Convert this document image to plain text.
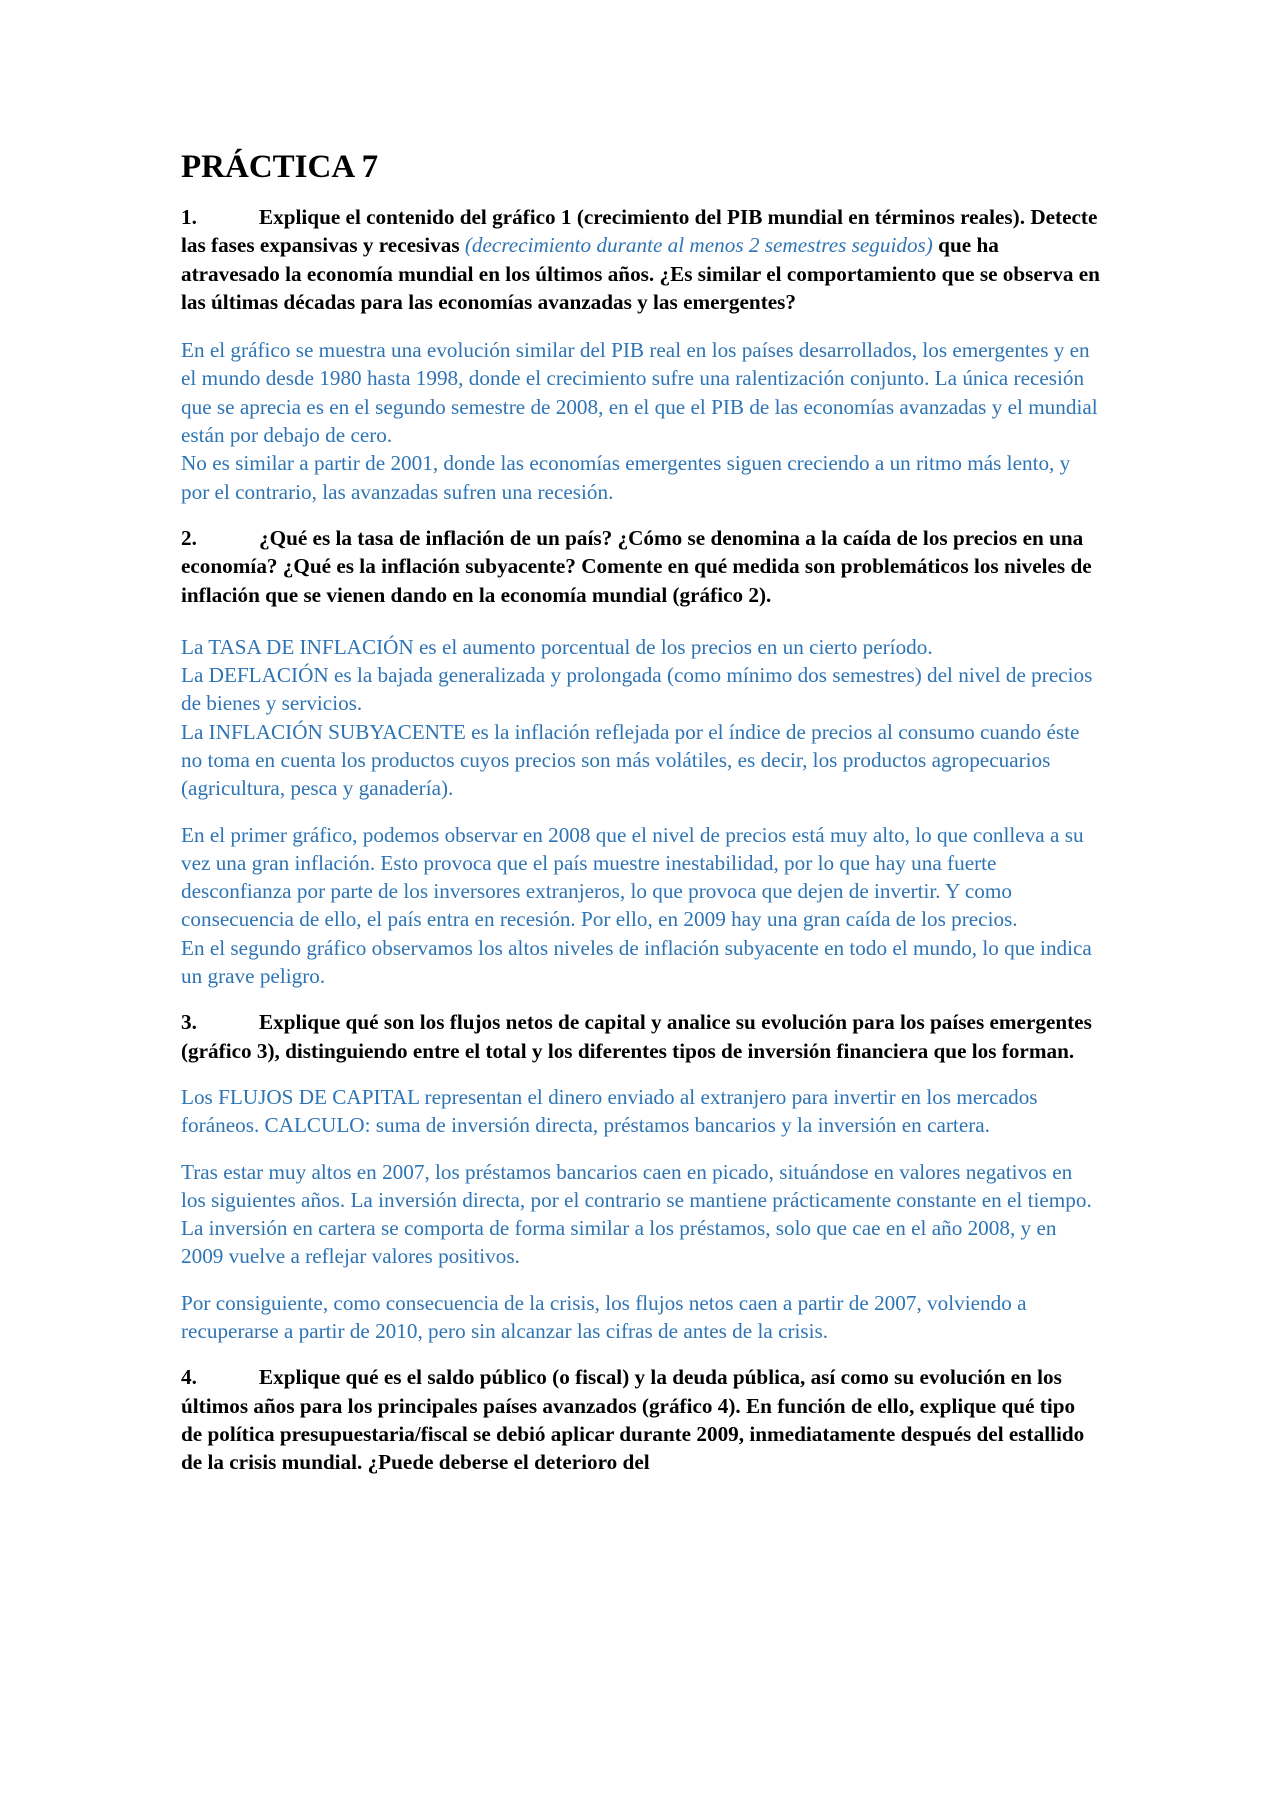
PRÁCTICA 7

1.	Explique el contenido del gráfico 1 (crecimiento del PIB mundial en términos reales). Detecte las fases expansivas y recesivas (decrecimiento durante al menos 2 semestres seguidos) que ha atravesado la economía mundial en los últimos años. ¿Es similar el comportamiento que se observa en las últimas décadas para las economías avanzadas y las emergentes?

En el gráfico se muestra una evolución similar del PIB real en los países desarrollados, los emergentes y en el mundo desde 1980 hasta 1998, donde el crecimiento sufre una ralentización conjunto. La única recesión que se aprecia es en el segundo semestre de 2008, en el que el PIB de las economías avanzadas y el mundial están por debajo de cero.
No es similar a partir de 2001, donde las economías emergentes siguen creciendo a un ritmo más lento, y por el contrario, las avanzadas sufren una recesión.

2.	¿Qué es la tasa de inflación de un país? ¿Cómo se denomina a la caída de los precios en una economía? ¿Qué es la inflación subyacente? Comente en qué medida son problemáticos los niveles de inflación que se vienen dando en la economía mundial (gráfico 2).

La TASA DE INFLACIÓN es el aumento porcentual de los precios en un cierto período.
La DEFLACIÓN es la bajada generalizada y prolongada (como mínimo dos semestres) del nivel de precios de bienes y servicios.
La INFLACIÓN SUBYACENTE es la inflación reflejada por el índice de precios al consumo cuando éste no toma en cuenta los productos cuyos precios son más volátiles, es decir, los productos agropecuarios (agricultura, pesca y ganadería).
En el primer gráfico, podemos observar en 2008 que el nivel de precios está muy alto, lo que conlleva a su vez una gran inflación. Esto provoca que el país muestre inestabilidad, por lo que hay una fuerte desconfianza por parte de los inversores extranjeros, lo que provoca que dejen de invertir. Y como consecuencia de ello, el país entra en recesión. Por ello, en 2009 hay una gran caída de los precios.
En el segundo gráfico observamos los altos niveles de inflación subyacente en todo el mundo, lo que indica un grave peligro.

3.	Explique qué son los flujos netos de capital y analice su evolución para los países emergentes (gráfico 3), distinguiendo entre el total y los diferentes tipos de inversión financiera que los forman.

Los FLUJOS DE CAPITAL representan el dinero enviado al extranjero para invertir en los mercados foráneos. CALCULO: suma de inversión directa, préstamos bancarios y la inversión en cartera.

Tras estar muy altos en 2007, los préstamos bancarios caen en picado, situándose en valores negativos en los siguientes años. La inversión directa, por el contrario se mantiene prácticamente constante en el tiempo. La inversión en cartera se comporta de forma similar a los préstamos, solo que cae en el año 2008, y en 2009 vuelve a reflejar valores positivos.

Por consiguiente, como consecuencia de la crisis, los flujos netos caen a partir de 2007, volviendo a recuperarse a partir de 2010, pero sin alcanzar las cifras de antes de la crisis.

4.	Explique qué es el saldo público (o fiscal) y la deuda pública, así como su evolución en los últimos años para los principales países avanzados (gráfico 4). En función de ello, explique qué tipo de política presupuestaria/fiscal se debió aplicar durante 2009, inmediatamente después del estallido de la crisis mundial. ¿Puede deberse el deterioro del
